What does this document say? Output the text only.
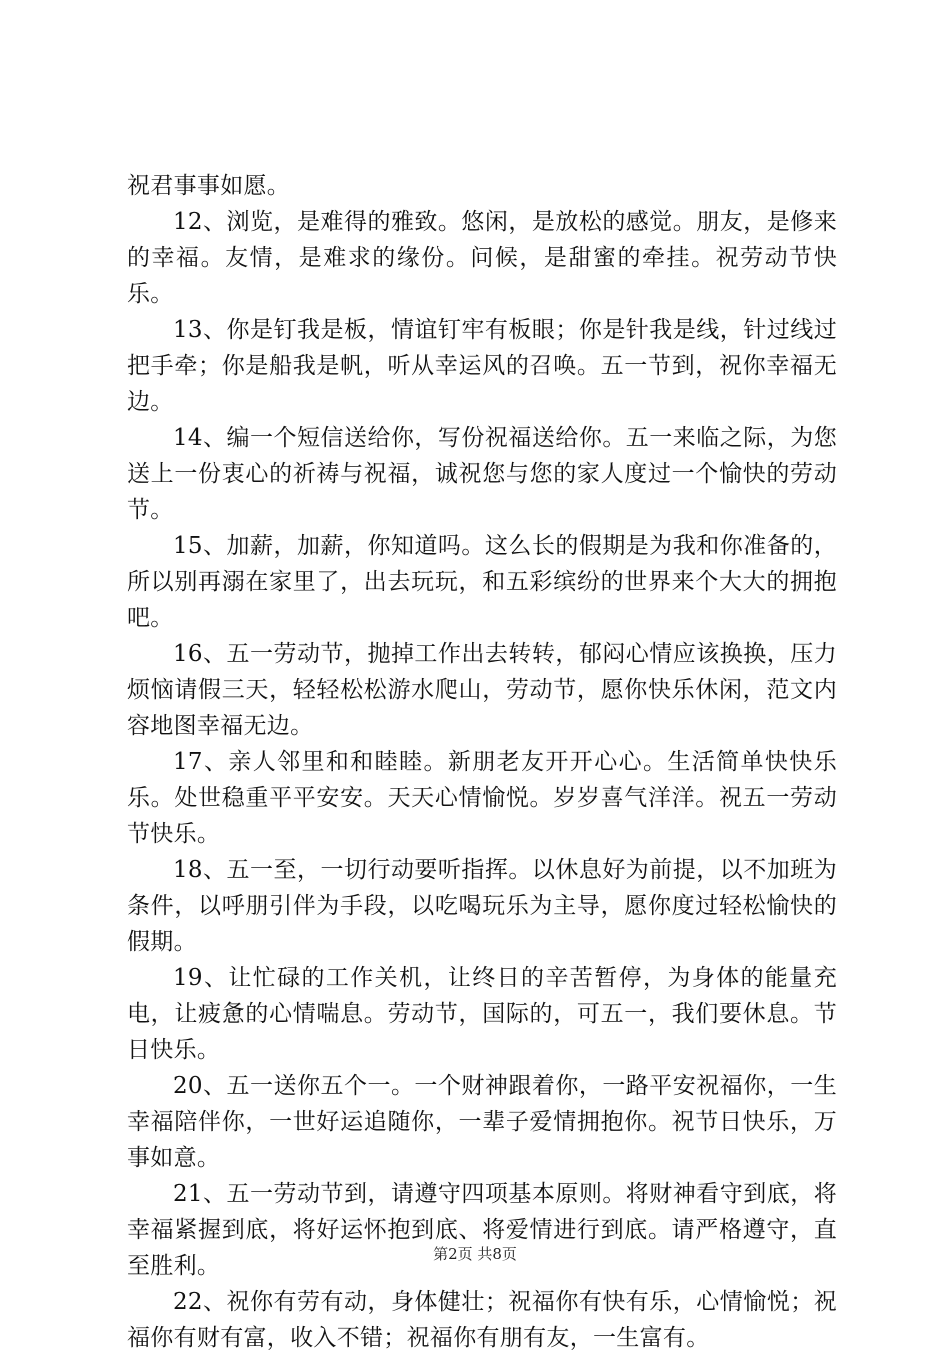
祝君事事如愿。

12、浏览，是难得的雅致。悠闲，是放松的感觉。朋友，是修来的幸福。友情，是难求的缘份。问候，是甜蜜的牵挂。祝劳动节快乐。

13、你是钉我是板，情谊钉牢有板眼；你是针我是线，针过线过把手牵；你是船我是帆，听从幸运风的召唤。五一节到，祝你幸福无边。

14、编一个短信送给你，写份祝福送给你。五一来临之际，为您送上一份衷心的祈祷与祝福，诚祝您与您的家人度过一个愉快的劳动节。

15、加薪，加薪，你知道吗。这么长的假期是为我和你准备的，所以别再溺在家里了，出去玩玩，和五彩缤纷的世界来个大大的拥抱吧。

16、五一劳动节，抛掉工作出去转转，郁闷心情应该换换，压力烦恼请假三天，轻轻松松游水爬山，劳动节，愿你快乐休闲，范文内容地图幸福无边。

17、亲人邻里和和睦睦。新朋老友开开心心。生活简单快快乐乐。处世稳重平平安安。天天心情愉悦。岁岁喜气洋洋。祝五一劳动节快乐。

18、五一至，一切行动要听指挥。以休息好为前提，以不加班为条件，以呼朋引伴为手段，以吃喝玩乐为主导，愿你度过轻松愉快的假期。

19、让忙碌的工作关机，让终日的辛苦暂停，为身体的能量充电，让疲惫的心情喘息。劳动节，国际的，可五一，我们要休息。节日快乐。

20、五一送你五个一。一个财神跟着你，一路平安祝福你，一生幸福陪伴你，一世好运追随你，一辈子爱情拥抱你。祝节日快乐，万事如意。

21、五一劳动节到，请遵守四项基本原则。将财神看守到底，将幸福紧握到底，将好运怀抱到底、将爱情进行到底。请严格遵守，直至胜利。

22、祝你有劳有动，身体健壮；祝福你有快有乐，心情愉悦；祝福你有财有富，收入不错；祝福你有朋有友，一生富有。

第2页 共8页
